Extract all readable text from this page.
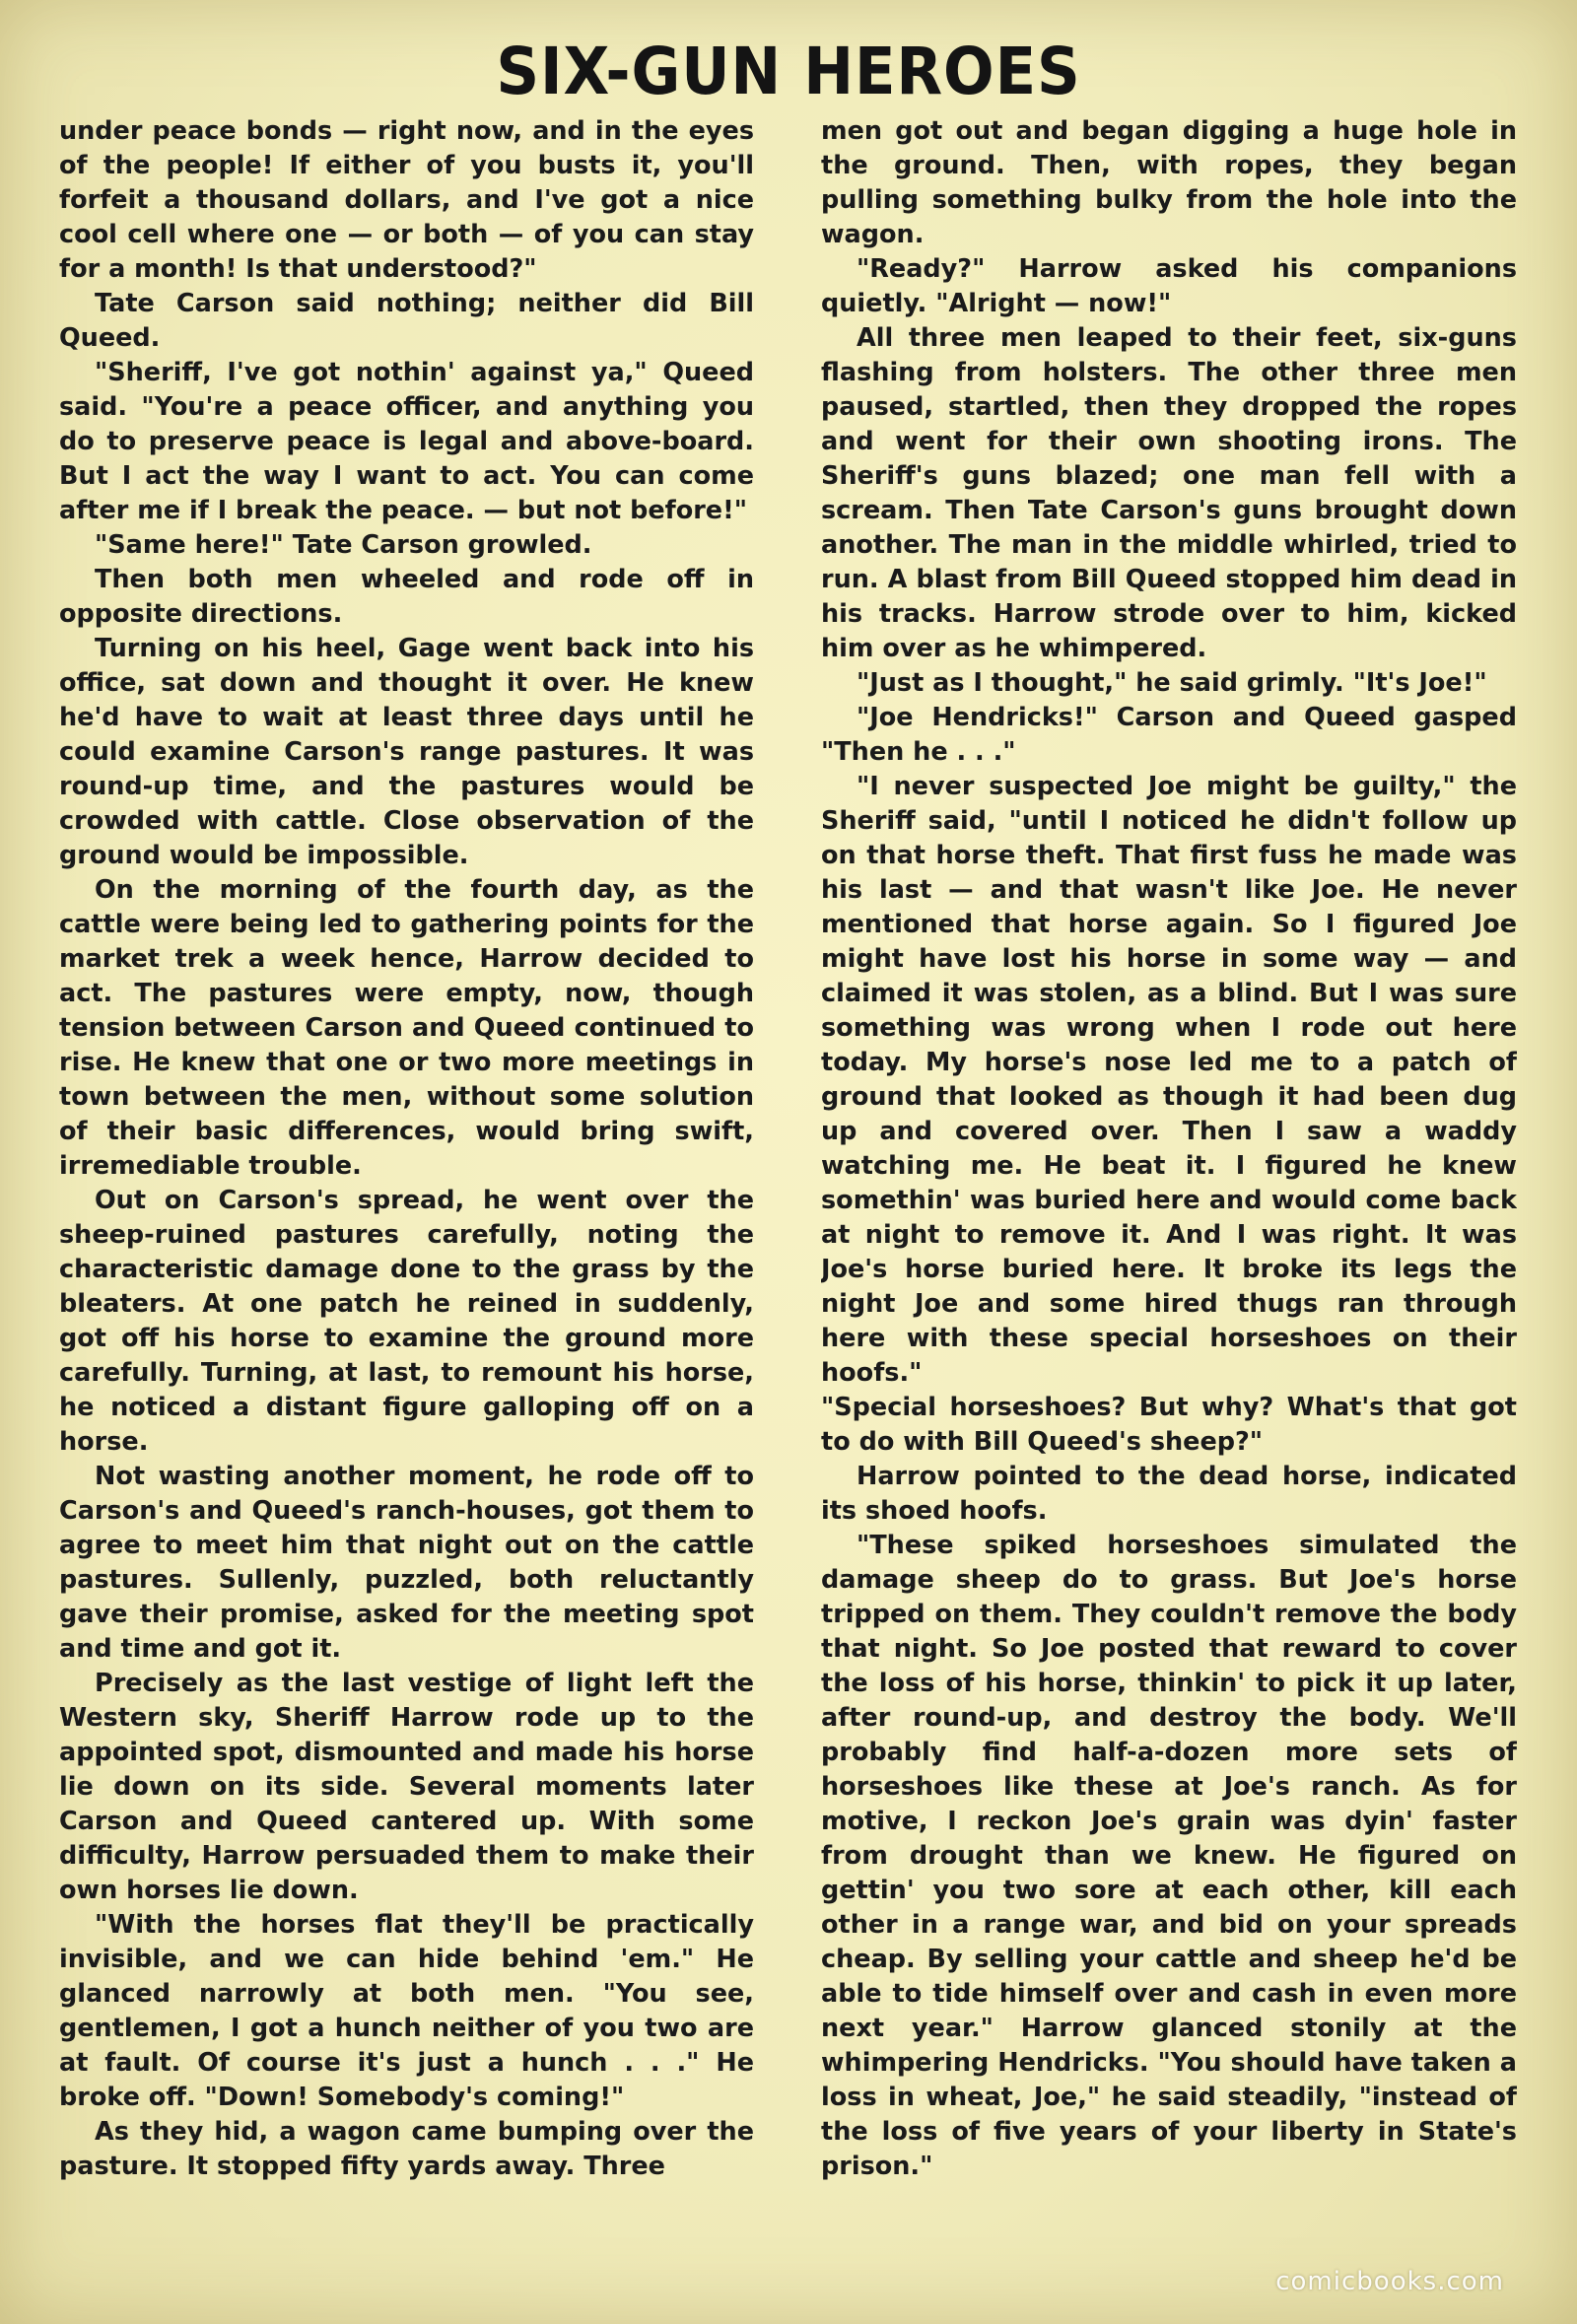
SIX-GUN HEROES

under peace bonds — right now, and in the eyes of the people! If either of you busts it, you'll forfeit a thousand dollars, and I've got a nice cool cell where one — or both — of you can stay for a month! Is that understood?"

Tate Carson said nothing; neither did Bill Queed.

"Sheriff, I've got nothin' against ya," Queed said. "You're a peace officer, and anything you do to preserve peace is legal and above-board. But I act the way I want to act. You can come after me if I break the peace. — but not before!"

"Same here!" Tate Carson growled.

Then both men wheeled and rode off in opposite directions.

Turning on his heel, Gage went back into his office, sat down and thought it over. He knew he'd have to wait at least three days until he could examine Carson's range pastures. It was round-up time, and the pastures would be crowded with cattle. Close observation of the ground would be impossible.

On the morning of the fourth day, as the cattle were being led to gathering points for the market trek a week hence, Harrow decided to act. The pastures were empty, now, though tension between Carson and Queed continued to rise. He knew that one or two more meetings in town between the men, without some solution of their basic differences, would bring swift, irremediable trouble.

Out on Carson's spread, he went over the sheep-ruined pastures carefully, noting the characteristic damage done to the grass by the bleaters. At one patch he reined in suddenly, got off his horse to examine the ground more carefully. Turning, at last, to remount his horse, he noticed a distant figure galloping off on a horse.

Not wasting another moment, he rode off to Carson's and Queed's ranch-houses, got them to agree to meet him that night out on the cattle pastures. Sullenly, puzzled, both reluctantly gave their promise, asked for the meeting spot and time and got it.

Precisely as the last vestige of light left the Western sky, Sheriff Harrow rode up to the appointed spot, dismounted and made his horse lie down on its side. Several moments later Carson and Queed cantered up. With some difficulty, Harrow persuaded them to make their own horses lie down.

"With the horses flat they'll be practically invisible, and we can hide behind 'em." He glanced narrowly at both men. "You see, gentlemen, I got a hunch neither of you two are at fault. Of course it's just a hunch . . ." He broke off. "Down! Somebody's coming!"

As they hid, a wagon came bumping over the pasture. It stopped fifty yards away. Three

men got out and began digging a huge hole in the ground. Then, with ropes, they began pulling something bulky from the hole into the wagon.

"Ready?" Harrow asked his companions quietly. "Alright — now!"

All three men leaped to their feet, six-guns flashing from holsters. The other three men paused, startled, then they dropped the ropes and went for their own shooting irons. The Sheriff's guns blazed; one man fell with a scream. Then Tate Carson's guns brought down another. The man in the middle whirled, tried to run. A blast from Bill Queed stopped him dead in his tracks. Harrow strode over to him, kicked him over as he whimpered.

"Just as I thought," he said grimly. "It's Joe!"

"Joe Hendricks!" Carson and Queed gasped "Then he . . ."

"I never suspected Joe might be guilty," the Sheriff said, "until I noticed he didn't follow up on that horse theft. That first fuss he made was his last — and that wasn't like Joe. He never mentioned that horse again. So I figured Joe might have lost his horse in some way — and claimed it was stolen, as a blind. But I was sure something was wrong when I rode out here today. My horse's nose led me to a patch of ground that looked as though it had been dug up and covered over. Then I saw a waddy watching me. He beat it. I figured he knew somethin' was buried here and would come back at night to remove it. And I was right. It was Joe's horse buried here. It broke its legs the night Joe and some hired thugs ran through here with these special horseshoes on their hoofs."

"Special horseshoes? But why? What's that got to do with Bill Queed's sheep?"

Harrow pointed to the dead horse, indicated its shoed hoofs.

"These spiked horseshoes simulated the damage sheep do to grass. But Joe's horse tripped on them. They couldn't remove the body that night. So Joe posted that reward to cover the loss of his horse, thinkin' to pick it up later, after round-up, and destroy the body. We'll probably find half-a-dozen more sets of horseshoes like these at Joe's ranch. As for motive, I reckon Joe's grain was dyin' faster from drought than we knew. He figured on gettin' you two sore at each other, kill each other in a range war, and bid on your spreads cheap. By selling your cattle and sheep he'd be able to tide himself over and cash in even more next year." Harrow glanced stonily at the whimpering Hendricks. "You should have taken a loss in wheat, Joe," he said steadily, "instead of the loss of five years of your liberty in State's prison."

comicbooks.com
